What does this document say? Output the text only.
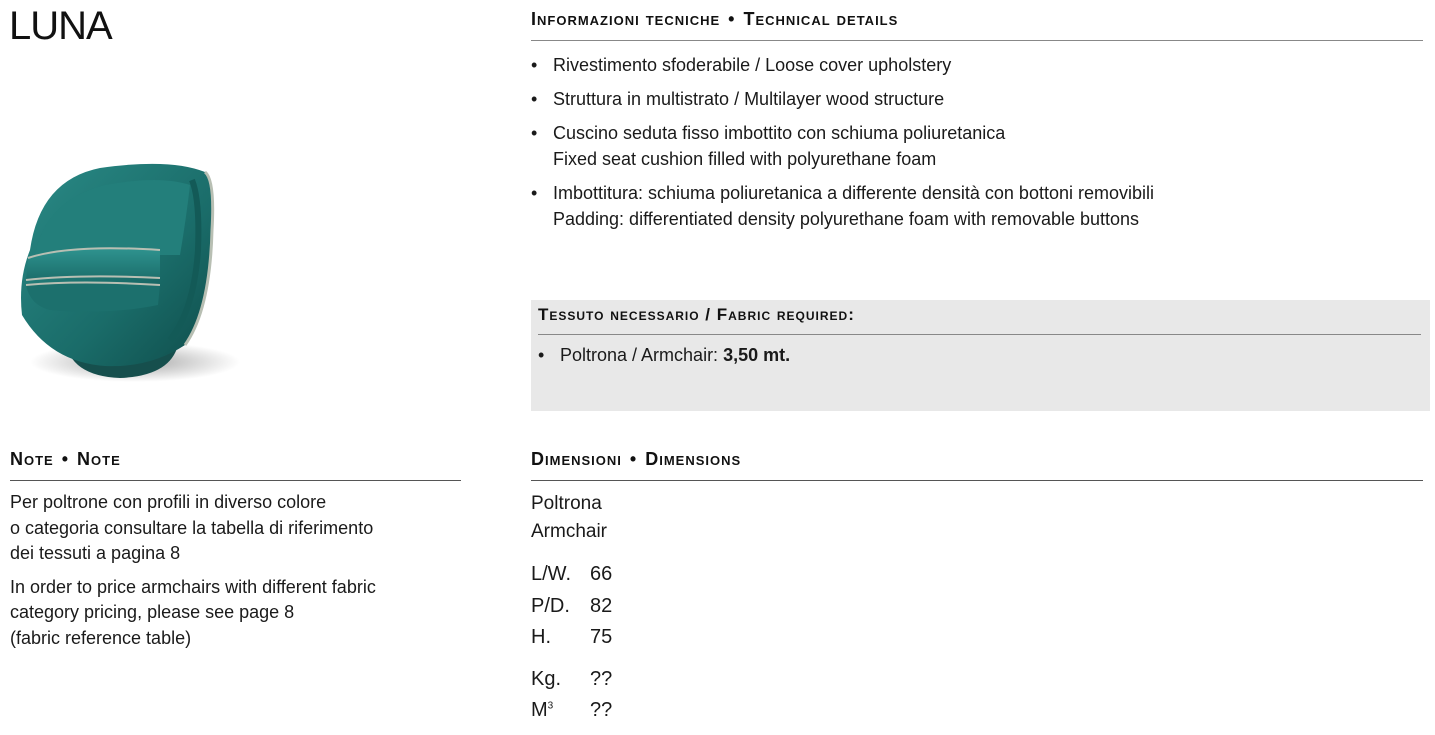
LUNA	Informazioni tecniche • Technical details
• Rivestimento sfoderabile / Loose cover upholstery
• Struttura in multistrato / Multilayer wood structure
• Cuscino seduta fisso imbottito con schiuma poliuretanica
Fixed seat cushion filled with polyurethane foam
• Imbottitura: schiuma poliuretanica a differente densità con bottoni removibili
Padding: differentiated density polyurethane foam with removable buttons
Tessuto necessario / Fabric required:
• Poltrona / Armchair: 3,50 mt.
Note • Note

Per poltrone con profili in diverso colore
o categoria consultare la tabella di riferimento
dei tessuti a pagina 8

In order to price armchairs with different fabric
category pricing, please see page 8
(fabric reference table)

Dimensioni • Dimensions
Poltrona
Armchair
L/W.	66
P/D.	82
H.	75
Kg.	??
$M^3$	??
